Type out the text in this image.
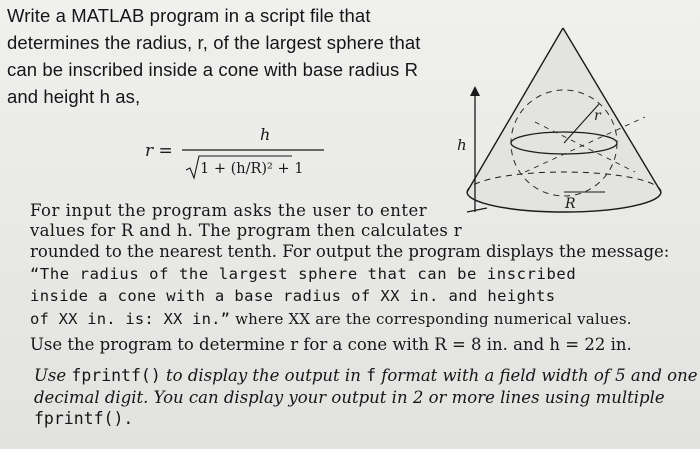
Write a MATLAB program in a script file that

determines the radius, r, of the largest sphere that

can be inscribed inside a cone with base radius R

and height h as,

r =
h
1 + (h/R)² + 1
h
r
R

For input the program asks the user to enter

values for R and h. The program then calculates r

rounded to the nearest tenth. For output the program displays the message:

“The radius of the largest sphere that can be inscribed

inside a cone with a base radius of XX in. and heights

of XX in. is: XX in.” where XX are the corresponding numerical values.

Use the program to determine r for a cone with R = 8 in. and h = 22 in.

Use fprintf() to display the output in f format with a field width of 5 and one

decimal digit. You can display your output in 2 or more lines using multiple

fprintf().
